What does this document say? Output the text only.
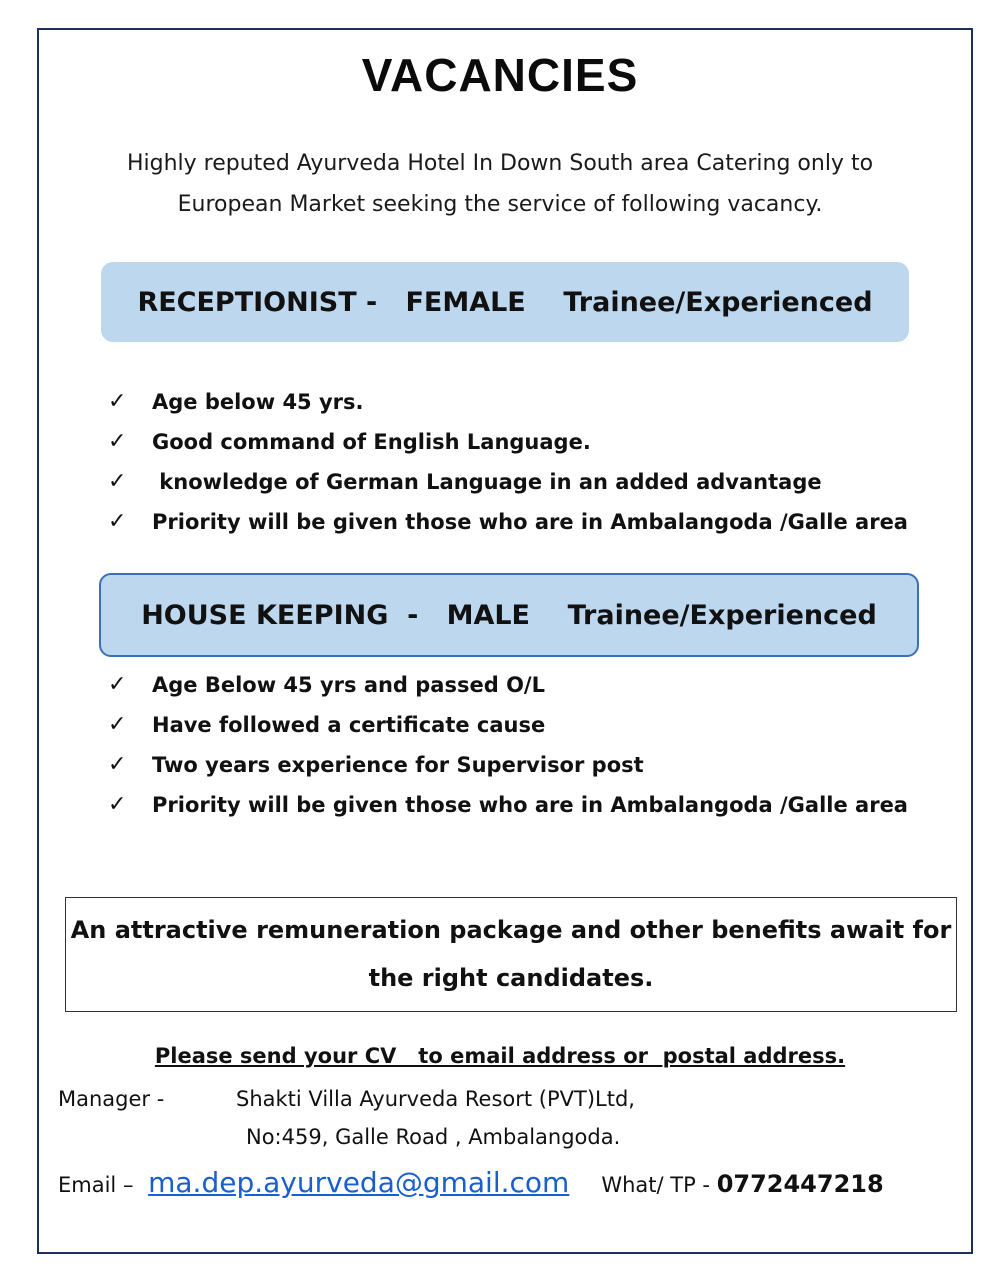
VACANCIES
Highly reputed Ayurveda Hotel In Down South area Catering only to
European Market seeking the service of following vacancy.
RECEPTIONIST -   FEMALE    Trainee/Experienced
✓	Age below 45 yrs.
✓	Good command of English Language.
✓	knowledge of German Language in an added advantage
✓	Priority will be given those who are in Ambalangoda /Galle area
HOUSE KEEPING  -   MALE    Trainee/Experienced
✓	Age Below 45 yrs and passed O/L
✓	Have followed a certificate cause
✓	Two years experience for Supervisor post
✓	Priority will be given those who are in Ambalangoda /Galle area
An attractive remuneration package and other benefits await for
the right candidates.
Please send your CV   to email address or  postal address.
Manager -	Shakti Villa Ayurveda Resort (PVT)Ltd,
No:459, Galle Road , Ambalangoda.
Email – ma.dep.ayurveda@gmail.com What/ TP - 0772447218
